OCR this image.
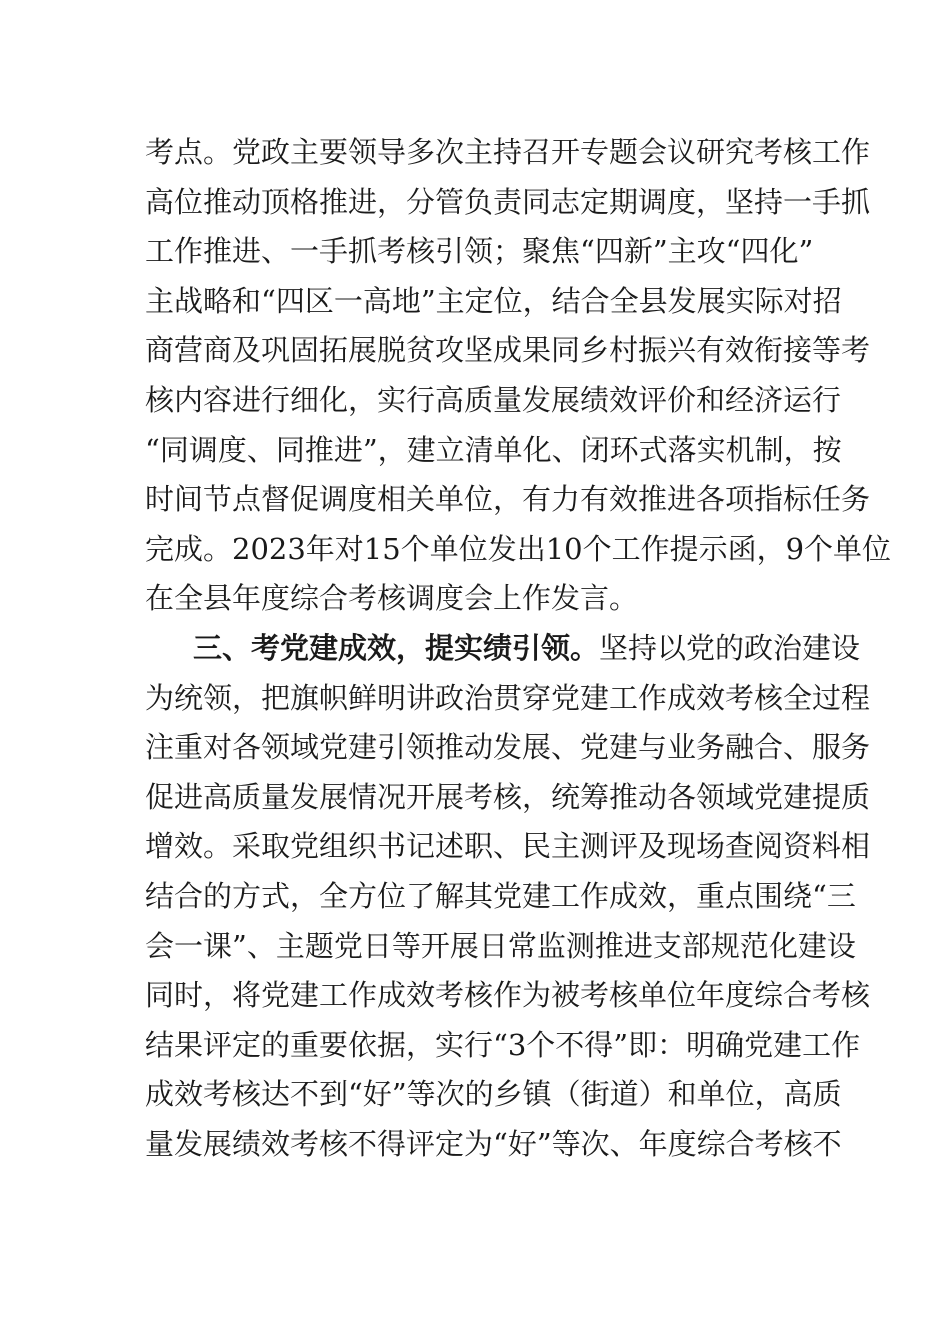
考点。党政主要领导多次主持召开专题会议研究考核工作
高位推动顶格推进，分管负责同志定期调度，坚持一手抓
工作推进、一手抓考核引领；聚焦“四新”主攻“四化”
主战略和“四区一高地”主定位，结合全县发展实际对招
商营商及巩固拓展脱贫攻坚成果同乡村振兴有效衔接等考
核内容进行细化，实行高质量发展绩效评价和经济运行
“同调度、同推进”，建立清单化、闭环式落实机制，按
时间节点督促调度相关单位，有力有效推进各项指标任务
完成。2023年对15个单位发出10个工作提示函，9个单位
在全县年度综合考核调度会上作发言。
三、考党建成效，提实绩引领。坚持以党的政治建设
为统领，把旗帜鲜明讲政治贯穿党建工作成效考核全过程
注重对各领域党建引领推动发展、党建与业务融合、服务
促进高质量发展情况开展考核，统筹推动各领域党建提质
增效。采取党组织书记述职、民主测评及现场查阅资料相
结合的方式，全方位了解其党建工作成效，重点围绕“三
会一课”、主题党日等开展日常监测推进支部规范化建设
同时，将党建工作成效考核作为被考核单位年度综合考核
结果评定的重要依据，实行“3个不得”即：明确党建工作
成效考核达不到“好”等次的乡镇（街道）和单位，高质
量发展绩效考核不得评定为“好”等次、年度综合考核不
